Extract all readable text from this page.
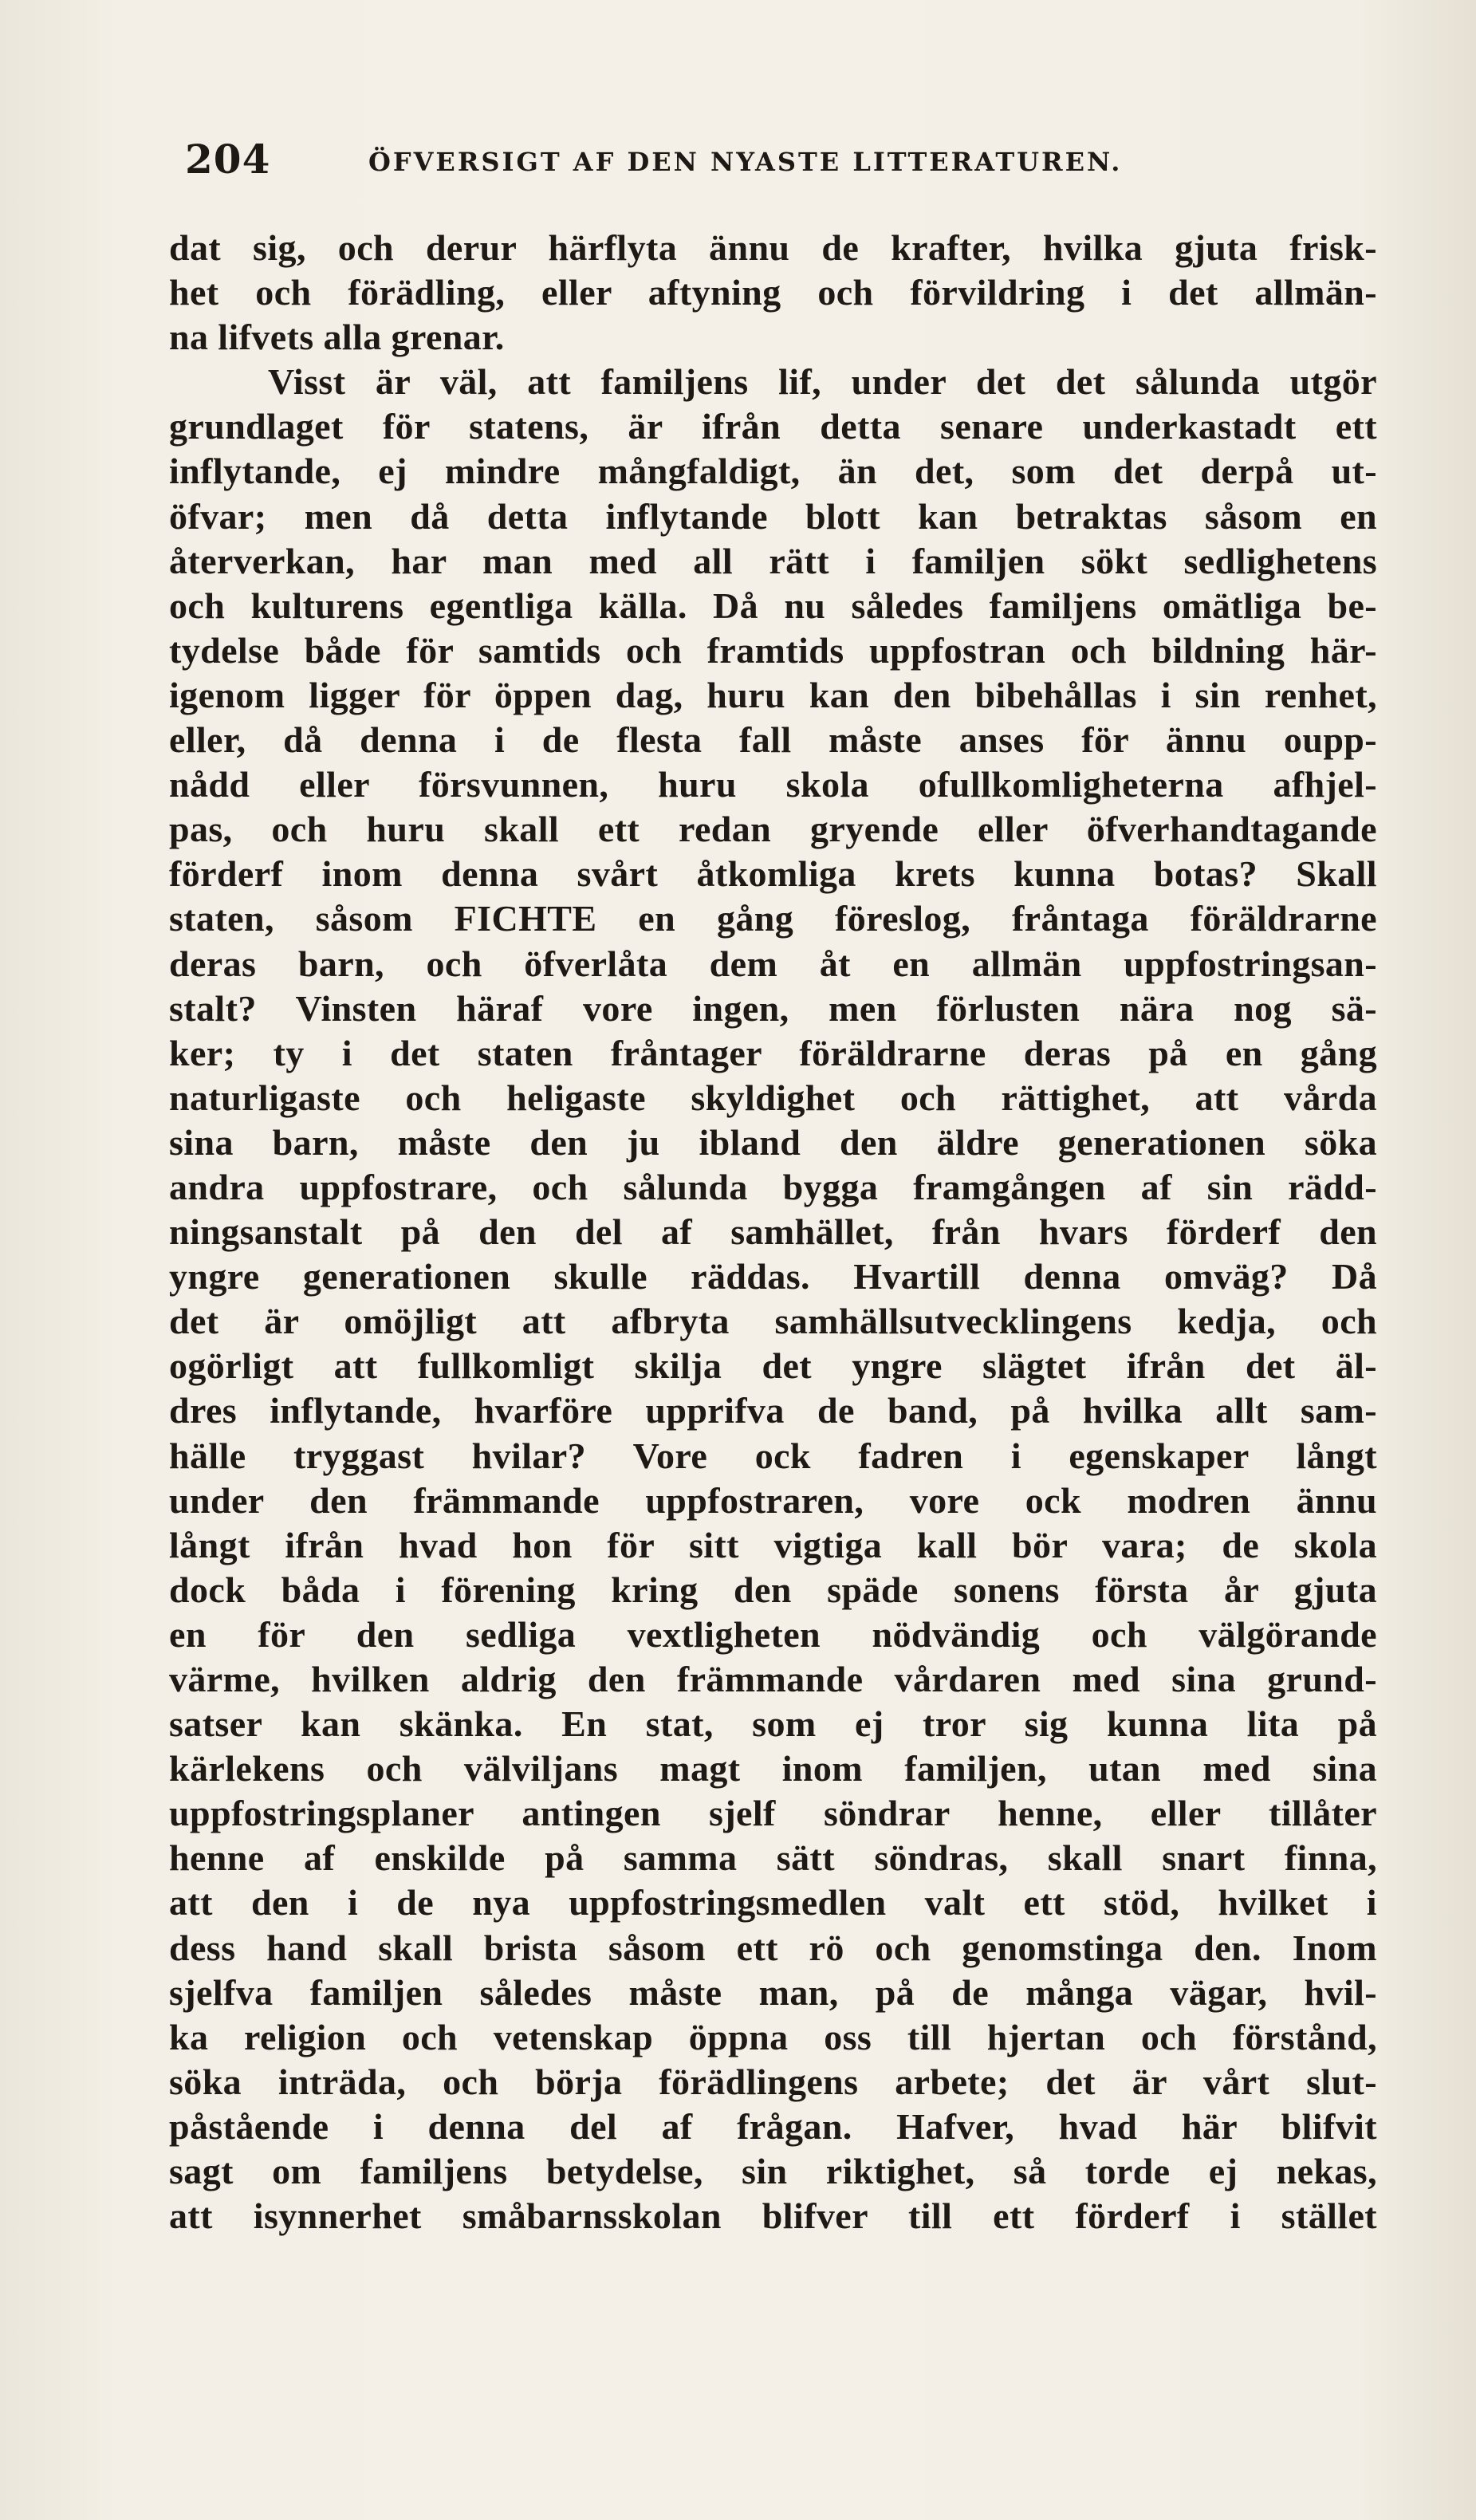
204	ÖFVERSIGT AF DEN NYASTE LITTERATUREN.
dat sig, och derur härflyta ännu de krafter, hvilka gjuta frisk-
het och förädling, eller aftyning och förvildring i det allmän-
na lifvets alla grenar.
Visst är väl, att familjens lif, under det det sålunda utgör
grundlaget för statens, är ifrån detta senare underkastadt ett
inflytande, ej mindre mångfaldigt, än det, som det derpå ut-
öfvar; men då detta inflytande blott kan betraktas såsom en
återverkan, har man med all rätt i familjen sökt sedlighetens
och kulturens egentliga källa. Då nu således familjens omätliga be-
tydelse både för samtids och framtids uppfostran och bildning här-
igenom ligger för öppen dag, huru kan den bibehållas i sin renhet,
eller, då denna i de flesta fall måste anses för ännu oupp-
nådd eller försvunnen, huru skola ofullkomligheterna afhjel-
pas, och huru skall ett redan gryende eller öfverhandtagande
förderf inom denna svårt åtkomliga krets kunna botas? Skall
staten, såsom FICHTE en gång föreslog, fråntaga föräldrarne
deras barn, och öfverlåta dem åt en allmän uppfostringsan-
stalt? Vinsten häraf vore ingen, men förlusten nära nog sä-
ker; ty i det staten fråntager föräldrarne deras på en gång
naturligaste och heligaste skyldighet och rättighet, att vårda
sina barn, måste den ju ibland den äldre generationen söka
andra uppfostrare, och sålunda bygga framgången af sin rädd-
ningsanstalt på den del af samhället, från hvars förderf den
yngre generationen skulle räddas. Hvartill denna omväg? Då
det är omöjligt att afbryta samhällsutvecklingens kedja, och
ogörligt att fullkomligt skilja det yngre slägtet ifrån det äl-
dres inflytande, hvarföre upprifva de band, på hvilka allt sam-
hälle tryggast hvilar? Vore ock fadren i egenskaper långt
under den främmande uppfostraren, vore ock modren ännu
långt ifrån hvad hon för sitt vigtiga kall bör vara; de skola
dock båda i förening kring den späde sonens första år gjuta
en för den sedliga vextligheten nödvändig och välgörande
värme, hvilken aldrig den främmande vårdaren med sina grund-
satser kan skänka. En stat, som ej tror sig kunna lita på
kärlekens och välviljans magt inom familjen, utan med sina
uppfostringsplaner antingen sjelf söndrar henne, eller tillåter
henne af enskilde på samma sätt söndras, skall snart finna,
att den i de nya uppfostringsmedlen valt ett stöd, hvilket i
dess hand skall brista såsom ett rö och genomstinga den. Inom
sjelfva familjen således måste man, på de många vägar, hvil-
ka religion och vetenskap öppna oss till hjertan och förstånd,
söka inträda, och börja förädlingens arbete; det är vårt slut-
påstående i denna del af frågan. Hafver, hvad här blifvit
sagt om familjens betydelse, sin riktighet, så torde ej nekas,
att isynnerhet småbarnsskolan blifver till ett förderf i stället
